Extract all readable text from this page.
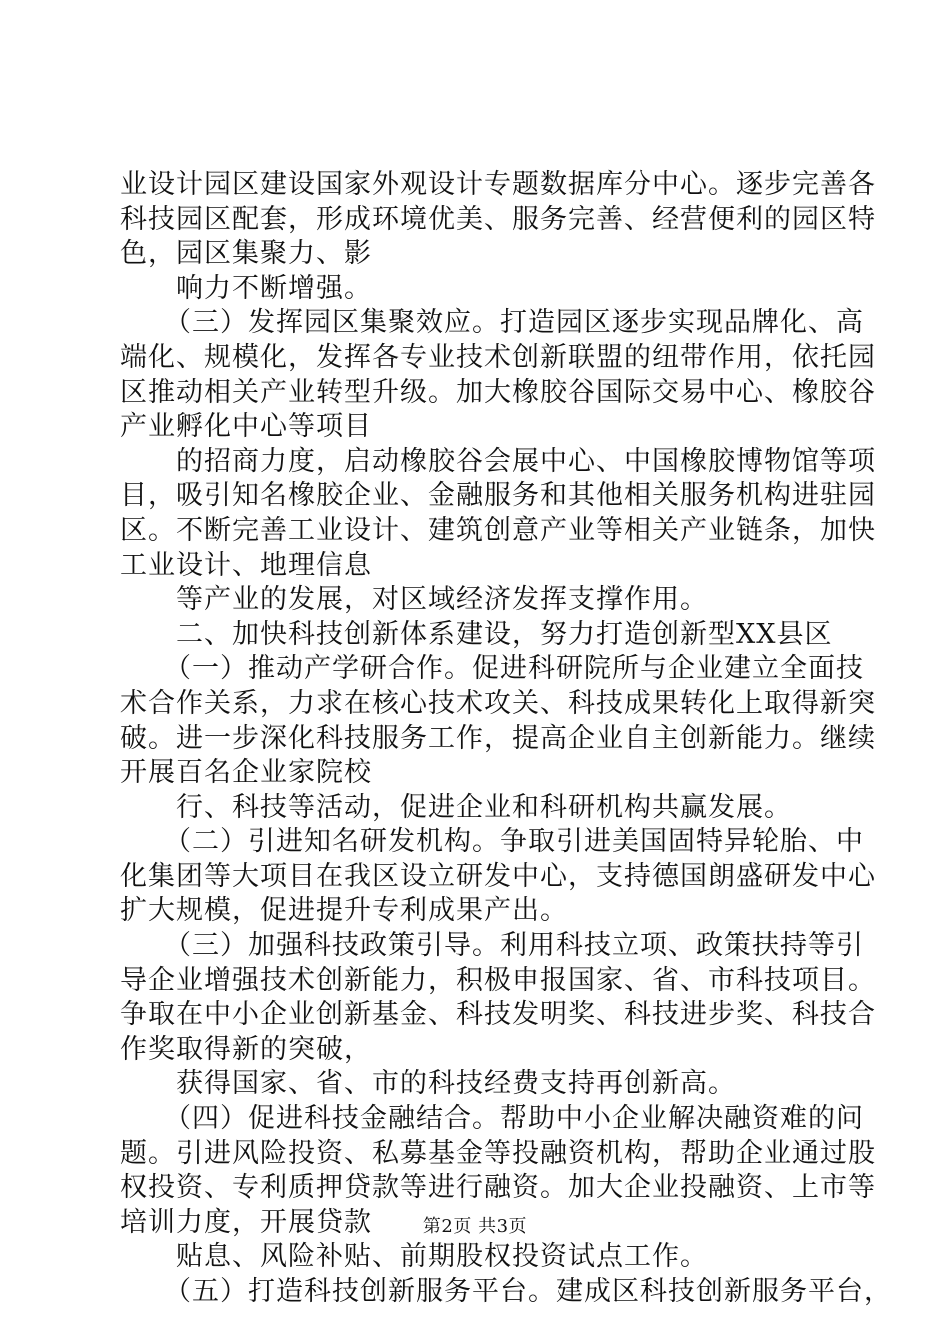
业设计园区建设国家外观设计专题数据库分中心。逐步完善各
科技园区配套，形成环境优美、服务完善、经营便利的园区特
色，园区集聚力、影
响力不断增强。
（三）发挥园区集聚效应。打造园区逐步实现品牌化、高
端化、规模化，发挥各专业技术创新联盟的纽带作用，依托园
区推动相关产业转型升级。加大橡胶谷国际交易中心、橡胶谷
产业孵化中心等项目
的招商力度，启动橡胶谷会展中心、中国橡胶博物馆等项
目，吸引知名橡胶企业、金融服务和其他相关服务机构进驻园
区。不断完善工业设计、建筑创意产业等相关产业链条，加快
工业设计、地理信息
等产业的发展，对区域经济发挥支撑作用。
二、加快科技创新体系建设，努力打造创新型XX县区
（一）推动产学研合作。促进科研院所与企业建立全面技
术合作关系，力求在核心技术攻关、科技成果转化上取得新突
破。进一步深化科技服务工作，提高企业自主创新能力。继续
开展百名企业家院校
行、科技等活动，促进企业和科研机构共赢发展。
（二）引进知名研发机构。争取引进美国固特异轮胎、中
化集团等大项目在我区设立研发中心，支持德国朗盛研发中心
扩大规模，促进提升专利成果产出。
（三）加强科技政策引导。利用科技立项、政策扶持等引
导企业增强技术创新能力，积极申报国家、省、市科技项目。
争取在中小企业创新基金、科技发明奖、科技进步奖、科技合
作奖取得新的突破，
获得国家、省、市的科技经费支持再创新高。
（四）促进科技金融结合。帮助中小企业解决融资难的问
题。引进风险投资、私募基金等投融资机构，帮助企业通过股
权投资、专利质押贷款等进行融资。加大企业投融资、上市等
培训力度，开展贷款
贴息、风险补贴、前期股权投资试点工作。
（五）打造科技创新服务平台。建成区科技创新服务平台，
第2页 共3页
